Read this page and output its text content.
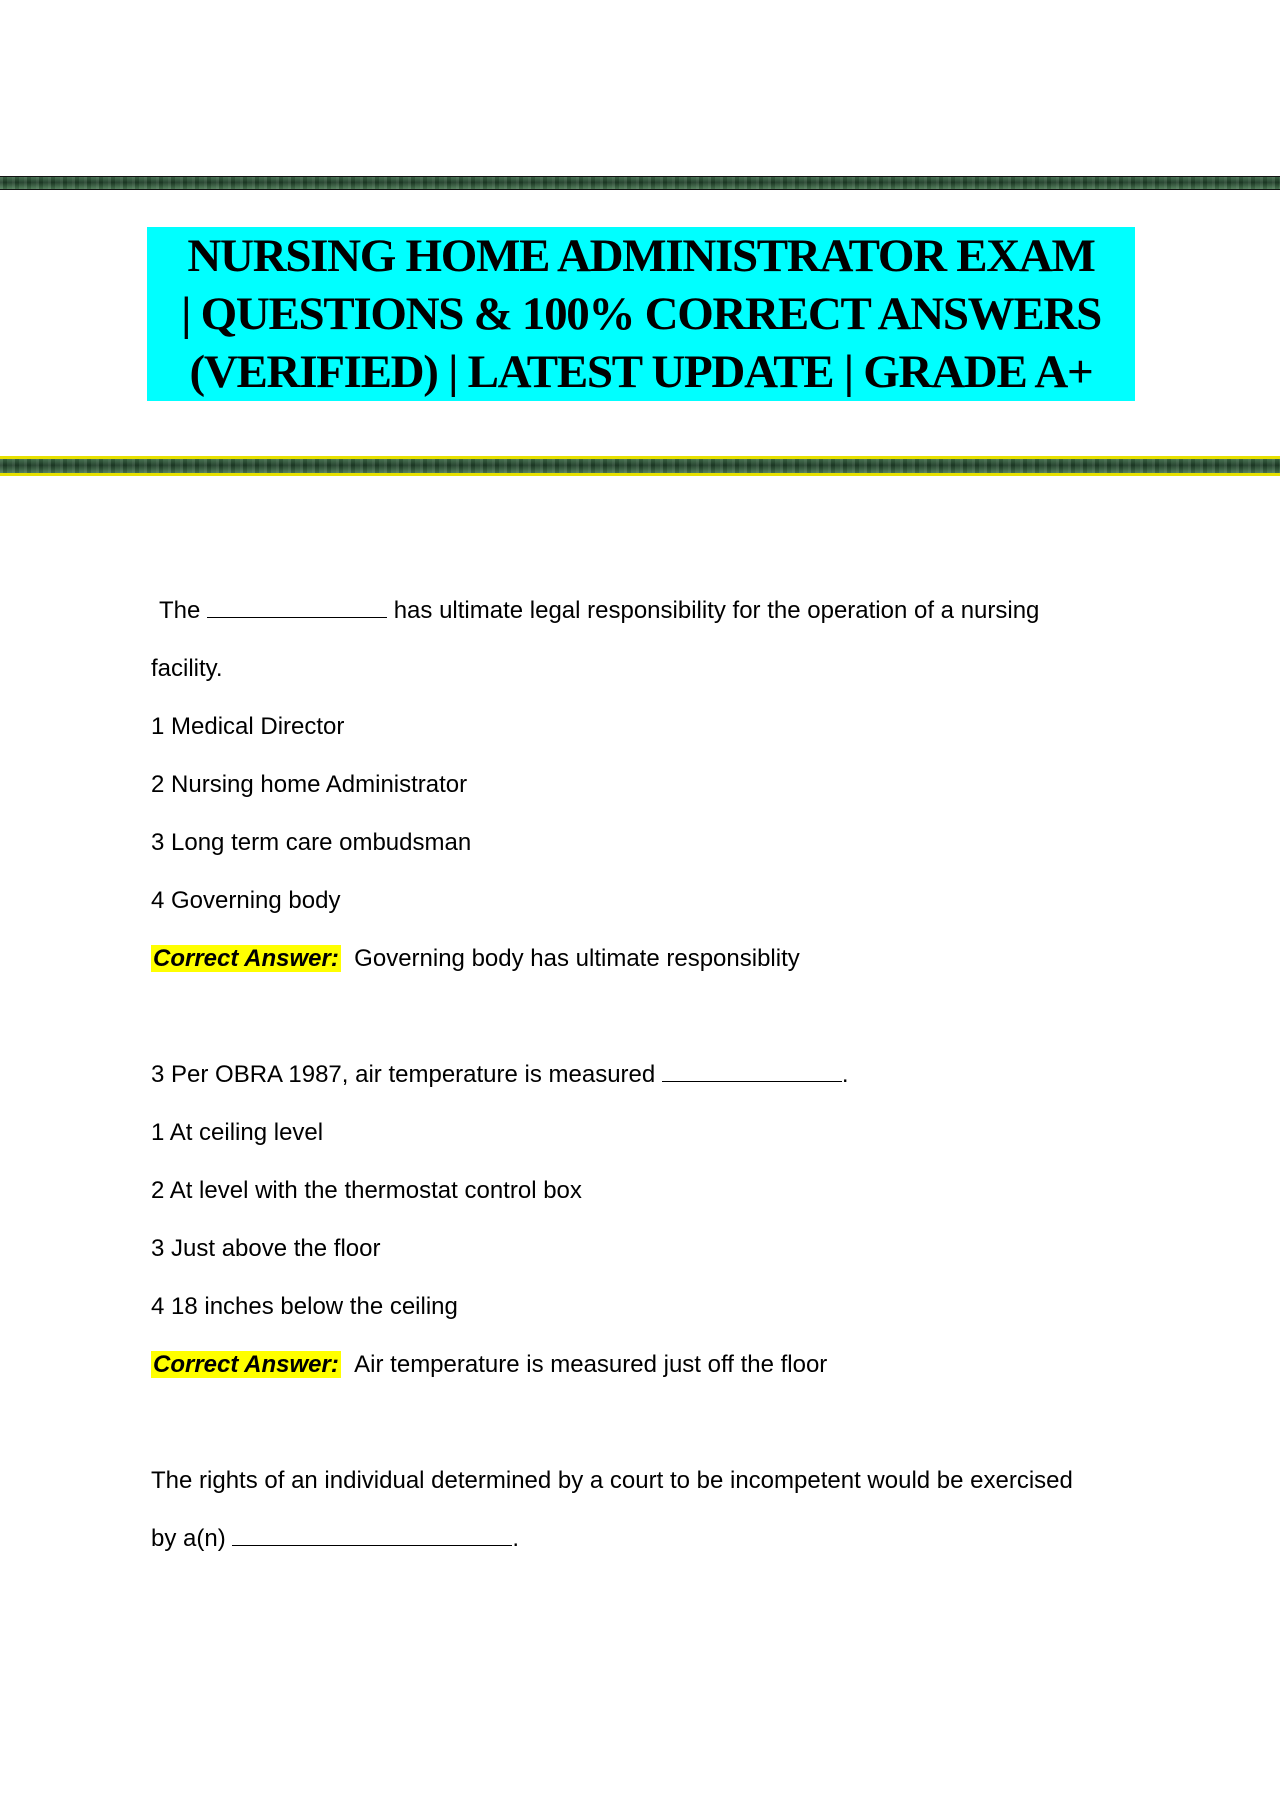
NURSING HOME ADMINISTRATOR EXAM
| QUESTIONS & 100% CORRECT ANSWERS
(VERIFIED) | LATEST UPDATE | GRADE A+
The	has ultimate legal responsibility for the operation of a nursing
facility.
1 Medical Director
2 Nursing home Administrator
3 Long term care ombudsman
4 Governing body
Correct Answer: Governing body has ultimate responsiblity
3 Per OBRA 1987, air temperature is measured	.
1 At ceiling level
2 At level with the thermostat control box
3 Just above the floor
4 18 inches below the ceiling
Correct Answer: Air temperature is measured just off the floor
The rights of an individual determined by a court to be incompetent would be exercised
by a(n)	.
